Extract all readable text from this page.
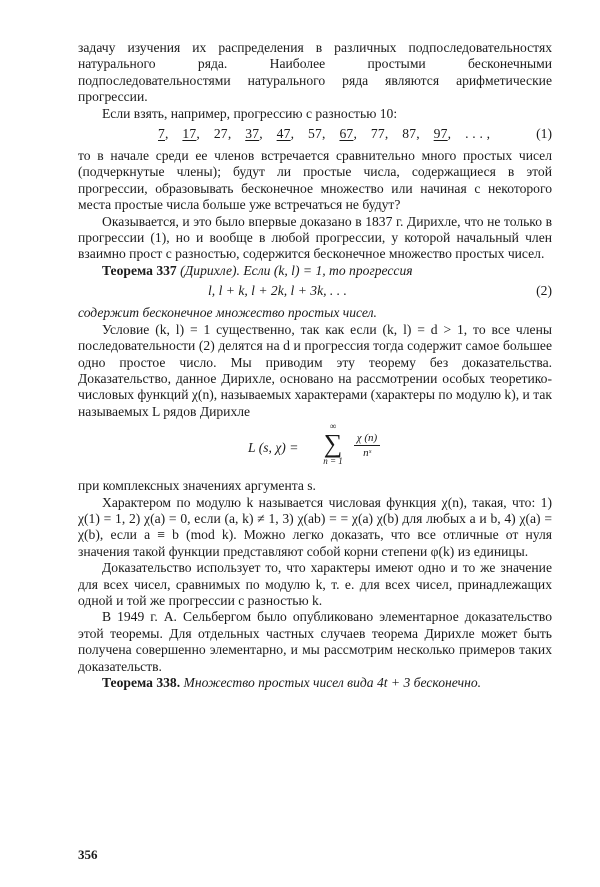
задачу изучения их распределения в различных подпоследовательностях натурального ряда. Наиболее простыми бесконечными подпоследовательностями натурального ряда являются арифметические прогрессии.

Если взять, например, прогрессию с разностью 10:

7, 17, 27, 37, 47, 57, 67, 77, 87, 97, . . . ,	(1)

то в начале среди ее членов встречается сравнительно много простых чисел (подчеркнутые члены); будут ли простые числа, содержащиеся в этой прогрессии, образовывать бесконечное множество или начиная с некоторого места простые числа больше уже встречаться не будут?

Оказывается, и это было впервые доказано в 1837 г. Дирихле, что не только в прогрессии (1), но и вообще в любой прогрессии, у которой начальный член взаимно прост с разностью, содержится бесконечное множество простых чисел.

Теорема 337 (Дирихле). Если (k, l) = 1, то прогрессия

l, l + k, l + 2k, l + 3k, . . .	(2)

содержит бесконечное множество простых чисел.

Условие (k, l) = 1 существенно, так как если (k, l) = d > 1, то все члены последовательности (2) делятся на d и прогрессия тогда содержит самое большее одно простое число. Мы приводим эту теорему без доказательства. Доказательство, данное Дирихле, основано на рассмотрении особых теоретико-числовых функций χ(n), называемых характерами (характеры по модулю k), и так называемых L рядов Дирихле

L (s, χ) =
∞
∑
n = 1
χ (n)
nˢ

при комплексных значениях аргумента s.

Характером по модулю k называется числовая функция χ(n), такая, что: 1) χ(1) = 1, 2) χ(a) = 0, если (a, k) ≠ 1, 3) χ(ab) = = χ(a) χ(b) для любых a и b, 4) χ(a) = χ(b), если a ≡ b (mod k). Можно легко доказать, что все отличные от нуля значения такой функции представляют собой корни степени φ(k) из единицы.

Доказательство использует то, что характеры имеют одно и то же значение для всех чисел, сравнимых по модулю k, т. е. для всех чисел, принадлежащих одной и той же прогрессии с разностью k.

В 1949 г. А. Сельбергом было опубликовано элементарное доказательство этой теоремы. Для отдельных частных случаев теорема Дирихле может быть получена совершенно элементарно, и мы рассмотрим несколько примеров таких доказательств.

Теорема 338. Множество простых чисел вида 4t + 3 бесконечно.

356
